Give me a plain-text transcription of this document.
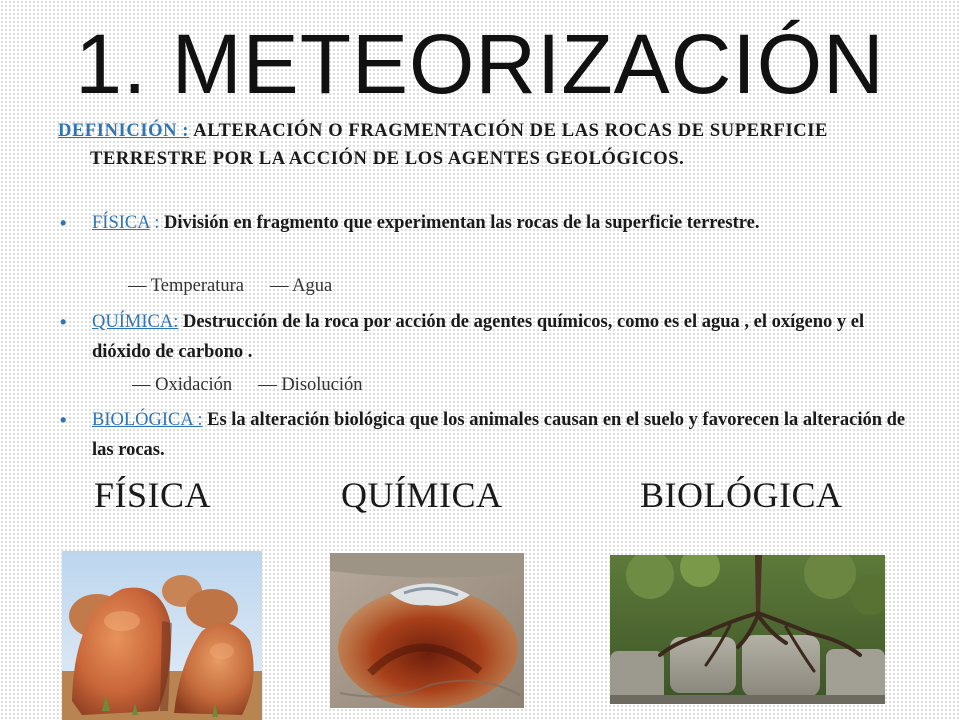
1. METEORIZACIÓN
DEFINICIÓN : ALTERACIÓN O FRAGMENTACIÓN DE LAS ROCAS DE SUPERFICIE TERRESTRE POR LA ACCIÓN DE LOS AGENTES GEOLÓGICOS.
•	FÍSICA : División en fragmento que experimentan las rocas de la superficie terrestre.
— Temperatura — Agua
•	QUÍMICA: Destrucción de la roca por acción de agentes químicos, como es el agua , el oxígeno y el dióxido de carbono .
— Oxidación — Disolución
•	BIOLÓGICA : Es la alteración biológica que los animales causan en el suelo y favorecen la alteración de las rocas.
FÍSICA	QUÍMICA	BIOLÓGICA
